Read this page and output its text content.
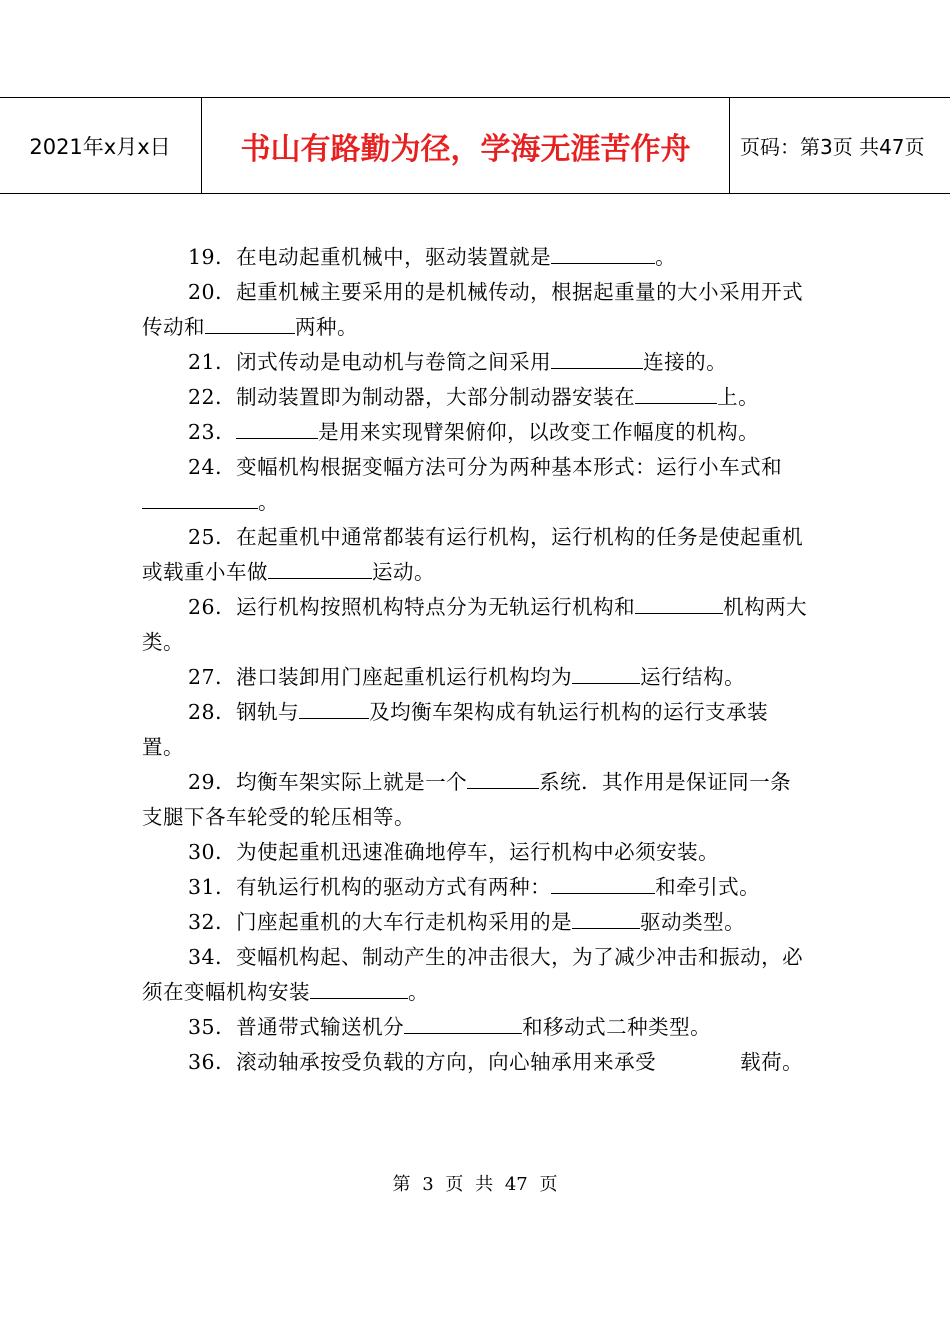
2021年x月x日	书山有路勤为径，学海无涯苦作舟	页码：第3页 共47页
19．在电动起重机械中，驱动装置就是	。
20．起重机械主要采用的是机械传动，根据起重量的大小采用开式传动和	两种。
21．闭式传动是电动机与卷筒之间采用	连接的。
22．制动装置即为制动器，大部分制动器安装在	上。
23．	是用来实现臂架俯仰，以改变工作幅度的机构。
24．变幅机构根据变幅方法可分为两种基本形式：运行小车式和。
25．在起重机中通常都装有运行机构，运行机构的任务是使起重机或载重小车做	运动。
26．运行机构按照机构特点分为无轨运行机构和	机构两大类。
27．港口装卸用门座起重机运行机构均为	运行结构。
28．钢轨与	及均衡车架构成有轨运行机构的运行支承装置。
29．均衡车架实际上就是一个	系统．其作用是保证同一条支腿下各车轮受的轮压相等。
30．为使起重机迅速准确地停车，运行机构中必须安装。
31．有轨运行机构的驱动方式有两种：	和牵引式。
32．门座起重机的大车行走机构采用的是	驱动类型。
34．变幅机构起、制动产生的冲击很大，为了减少冲击和振动，必须在变幅机构安装	。
35．普通带式输送机分	和移动式二种类型。
36．滚动轴承按受负载的方向，向心轴承用来承受　　　　载荷。
第 3 页 共 47 页
